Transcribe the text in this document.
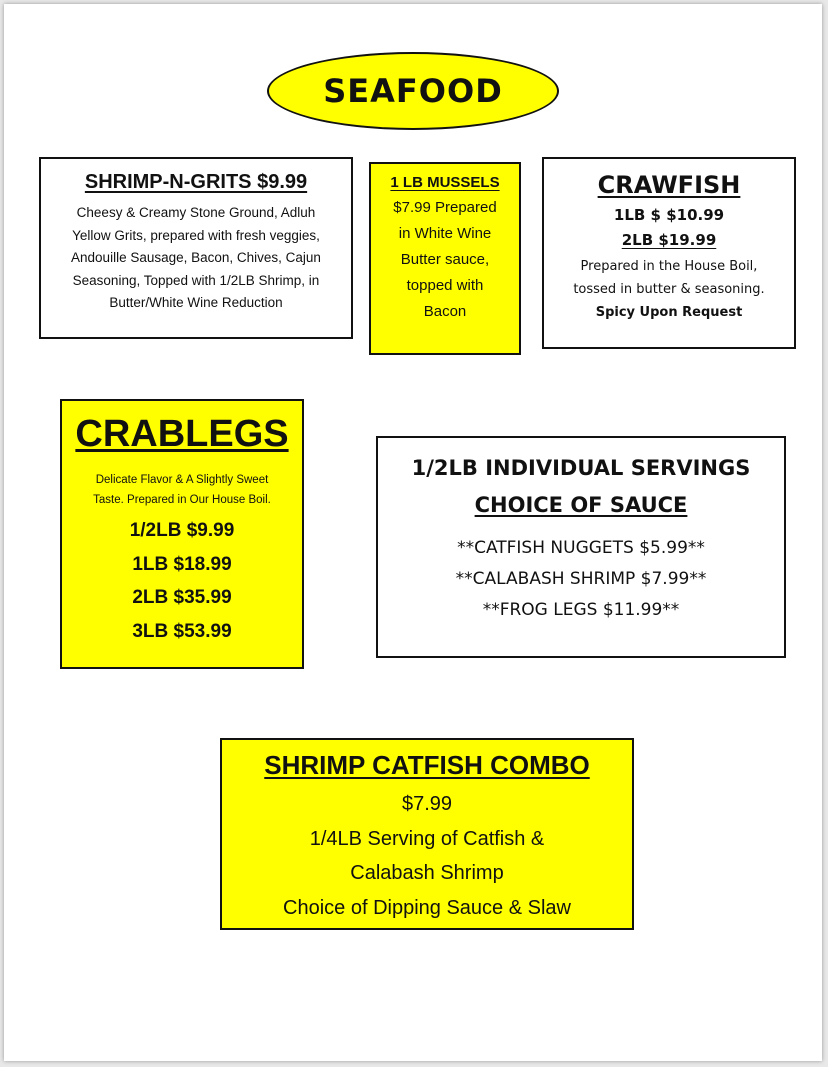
SEAFOOD
SHRIMP-N-GRITS $9.99
Cheesy & Creamy Stone Ground, Adluh
Yellow Grits, prepared with fresh veggies,
Andouille Sausage, Bacon, Chives, Cajun
Seasoning, Topped with 1/2LB Shrimp, in
Butter/White Wine Reduction
1 LB MUSSELS
$7.99 Prepared
in White Wine
Butter sauce,
topped with
Bacon
CRAWFISH
1LB $ $10.99
2LB $19.99
Prepared in the House Boil,
tossed in butter & seasoning.
Spicy Upon Request
CRABLEGS
Delicate Flavor & A Slightly Sweet
Taste. Prepared in Our House Boil.
1/2LB $9.99
1LB $18.99
2LB $35.99
3LB $53.99
1/2LB INDIVIDUAL SERVINGS
CHOICE OF SAUCE
**CATFISH NUGGETS $5.99**
**CALABASH SHRIMP $7.99**
**FROG LEGS $11.99**
SHRIMP CATFISH COMBO
$7.99
1/4LB Serving of Catfish &
Calabash Shrimp
Choice of Dipping Sauce & Slaw
